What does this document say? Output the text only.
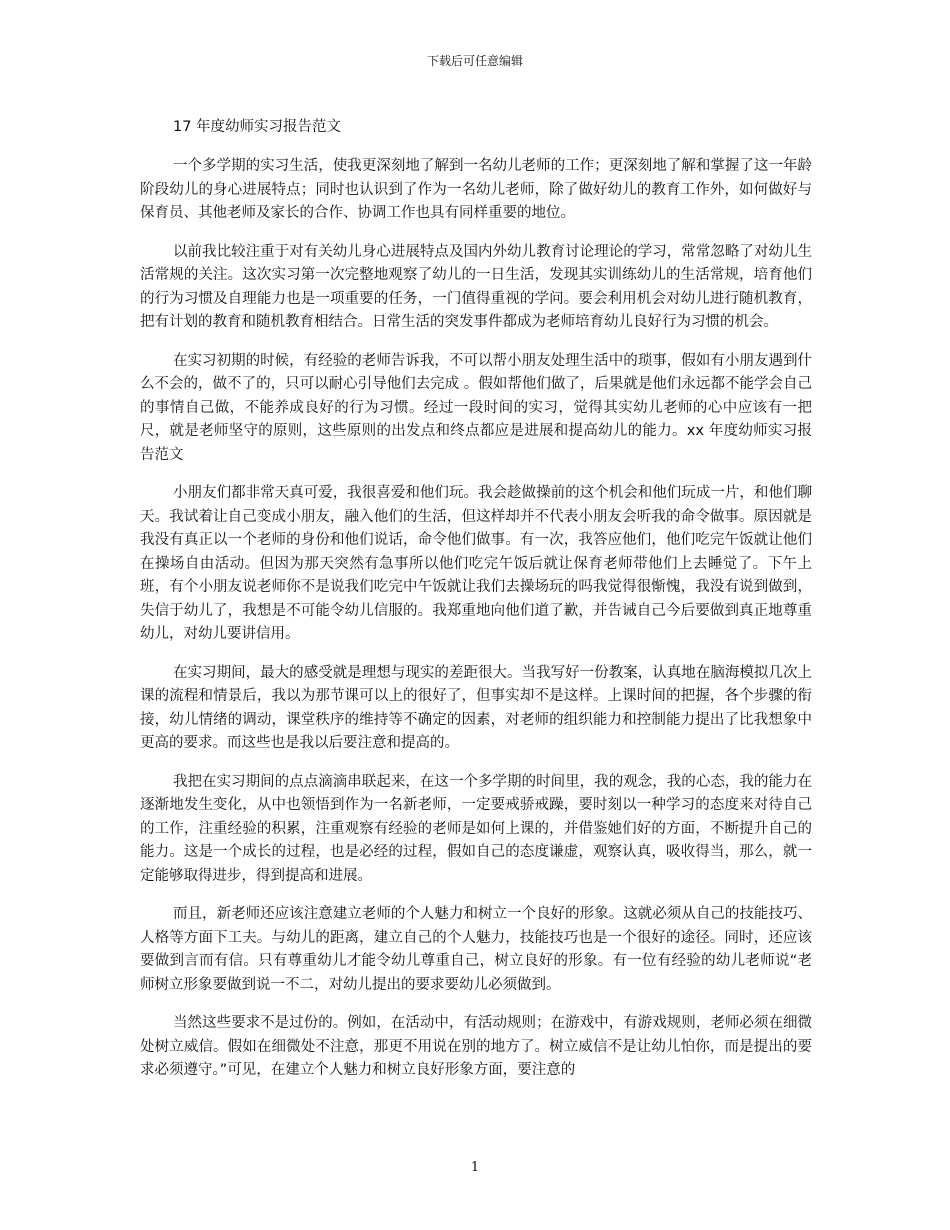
下载后可任意编辑
17 年度幼师实习报告范文

一个多学期的实习生活，使我更深刻地了解到一名幼儿老师的工作；更深刻地了解和掌握了这一年龄阶段幼儿的身心进展特点；同时也认识到了作为一名幼儿老师，除了做好幼儿的教育工作外，如何做好与保育员、其他老师及家长的合作、协调工作也具有同样重要的地位。

以前我比较注重于对有关幼儿身心进展特点及国内外幼儿教育讨论理论的学习，常常忽略了对幼儿生活常规的关注。这次实习第一次完整地观察了幼儿的一日生活，发现其实训练幼儿的生活常规，培育他们的行为习惯及自理能力也是一项重要的任务，一门值得重视的学问。要会利用机会对幼儿进行随机教育，把有计划的教育和随机教育相结合。日常生活的突发事件都成为老师培育幼儿良好行为习惯的机会。

在实习初期的时候，有经验的老师告诉我，不可以帮小朋友处理生活中的琐事，假如有小朋友遇到什么不会的，做不了的，只可以耐心引导他们去完成 。假如帮他们做了，后果就是他们永远都不能学会自己的事情自己做，不能养成良好的行为习惯。经过一段时间的实习，觉得其实幼儿老师的心中应该有一把尺，就是老师坚守的原则，这些原则的出发点和终点都应是进展和提高幼儿的能力。xx 年度幼师实习报告范文

小朋友们都非常天真可爱，我很喜爱和他们玩。我会趁做操前的这个机会和他们玩成一片，和他们聊天。我试着让自己变成小朋友，融入他们的生活，但这样却并不代表小朋友会听我的命令做事。原因就是我没有真正以一个老师的身份和他们说话，命令他们做事。有一次，我答应他们，他们吃完午饭就让他们在操场自由活动。但因为那天突然有急事所以他们吃完午饭后就让保育老师带他们上去睡觉了。下午上班，有个小朋友说老师你不是说我们吃完中午饭就让我们去操场玩的吗我觉得很惭愧，我没有说到做到，失信于幼儿了，我想是不可能令幼儿信服的。我郑重地向他们道了歉，并告诫自己今后要做到真正地尊重幼儿，对幼儿要讲信用。

在实习期间，最大的感受就是理想与现实的差距很大。当我写好一份教案，认真地在脑海模拟几次上课的流程和情景后，我以为那节课可以上的很好了，但事实却不是这样。上课时间的把握，各个步骤的衔接，幼儿情绪的调动，课堂秩序的维持等不确定的因素，对老师的组织能力和控制能力提出了比我想象中更高的要求。而这些也是我以后要注意和提高的。

我把在实习期间的点点滴滴串联起来，在这一个多学期的时间里，我的观念，我的心态，我的能力在逐渐地发生变化，从中也领悟到作为一名新老师，一定要戒骄戒躁，要时刻以一种学习的态度来对待自己的工作，注重经验的积累，注重观察有经验的老师是如何上课的，并借鉴她们好的方面，不断提升自己的能力。这是一个成长的过程，也是必经的过程，假如自己的态度谦虚，观察认真，吸收得当，那么，就一定能够取得进步，得到提高和进展。

而且，新老师还应该注意建立老师的个人魅力和树立一个良好的形象。这就必须从自己的技能技巧、人格等方面下工夫。与幼儿的距离，建立自己的个人魅力，技能技巧也是一个很好的途径。同时，还应该要做到言而有信。只有尊重幼儿才能令幼儿尊重自己，树立良好的形象。有一位有经验的幼儿老师说“老师树立形象要做到说一不二，对幼儿提出的要求要幼儿必须做到。

当然这些要求不是过份的。例如，在活动中，有活动规则；在游戏中，有游戏规则，老师必须在细微处树立威信。假如在细微处不注意，那更不用说在别的地方了。树立威信不是让幼儿怕你，而是提出的要求必须遵守。”可见，在建立个人魅力和树立良好形象方面，要注意的

1
